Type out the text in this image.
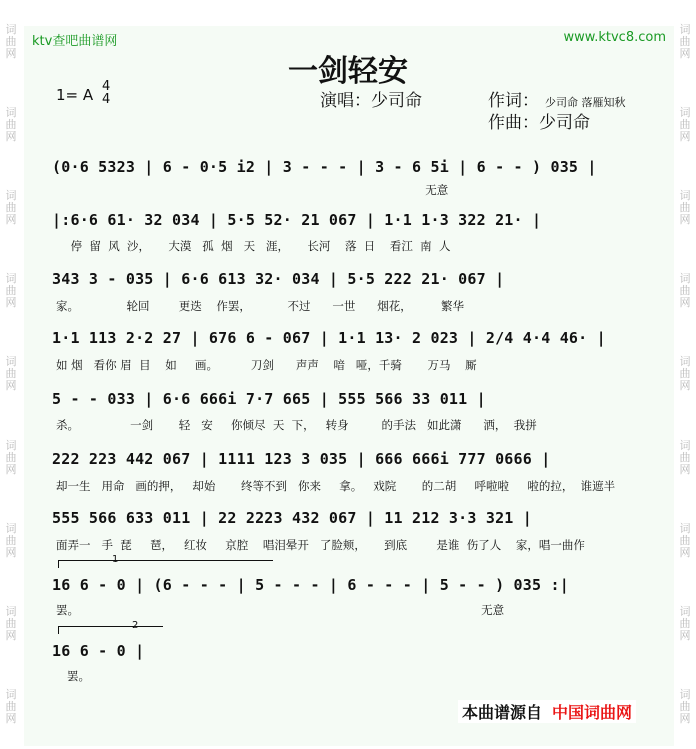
词
曲
网
词
曲
网
词
曲
网
词
曲
网
词
曲
网
词
曲
网
词
曲
网
词
曲
网
词
曲
网
词
曲
网
词
曲
网
词
曲
网
词
曲
网
词
曲
网
词
曲
网
词
曲
网
词
曲
网
词
曲
网
ktv查吧曲谱网	www.ktvc8.com
一剑轻安
1= A 4
4	演唱：少司命	作词： 少司命 落雁知秋
作曲：少司命
(0·6 5323 | 6 - 0·5 i2 | 3 - - - | 3 - 6 5i | 6 - - ) 035 |
无意
|:6·6 61· 32 034 | 5·5 52· 21 067 | 1·1 1·3 322 21· |
停  留  风  沙，     大漠   孤  烟   天   涯，     长河    落  日    看江  南  人
343 3 - 035 | 6·6 613 32· 034 | 5·5 222 21· 067 |
家。             轮回        更迭    作罢，          不过      一世      烟花，        繁华
1·1 113 2·2 27 | 676 6 - 067 | 1·1 13· 2 023 | 2/4 4·4 46· |
如 烟   看你 眉  目    如     画。         刀剑      声声    喑   哑，千骑       万马    厮
5 - - 033 | 6·6 666i 7·7 665 | 555 566 33 011 |
杀。              一剑       轻   安     你倾尽  天  下，   转身         的手法   如此潇      洒，  我拼
222 223 442 067 | 1111 123 3 035 | 666 666i 777 0666 |
却一生   用命   画的押，   却始       终等不到   你来     拿。   戏院       的二胡     呼啦啦     啦的拉，  谁遮半
555 566 633 011 | 22 2223 432 067 | 11 212 3·3 321 |
面弄一   手  琵     琶，   红妆     京腔    唱泪晕开   了脸颊，     到底        是谁  伤了人    家，唱一曲作
1
16 6 - 0 | (6 - - - | 5 - - - | 6 - - - | 5 - - ) 035 :|
罢。                                                                                                              无意
2
16 6 - 0 |
罢。
本曲谱源自 中国词曲网
